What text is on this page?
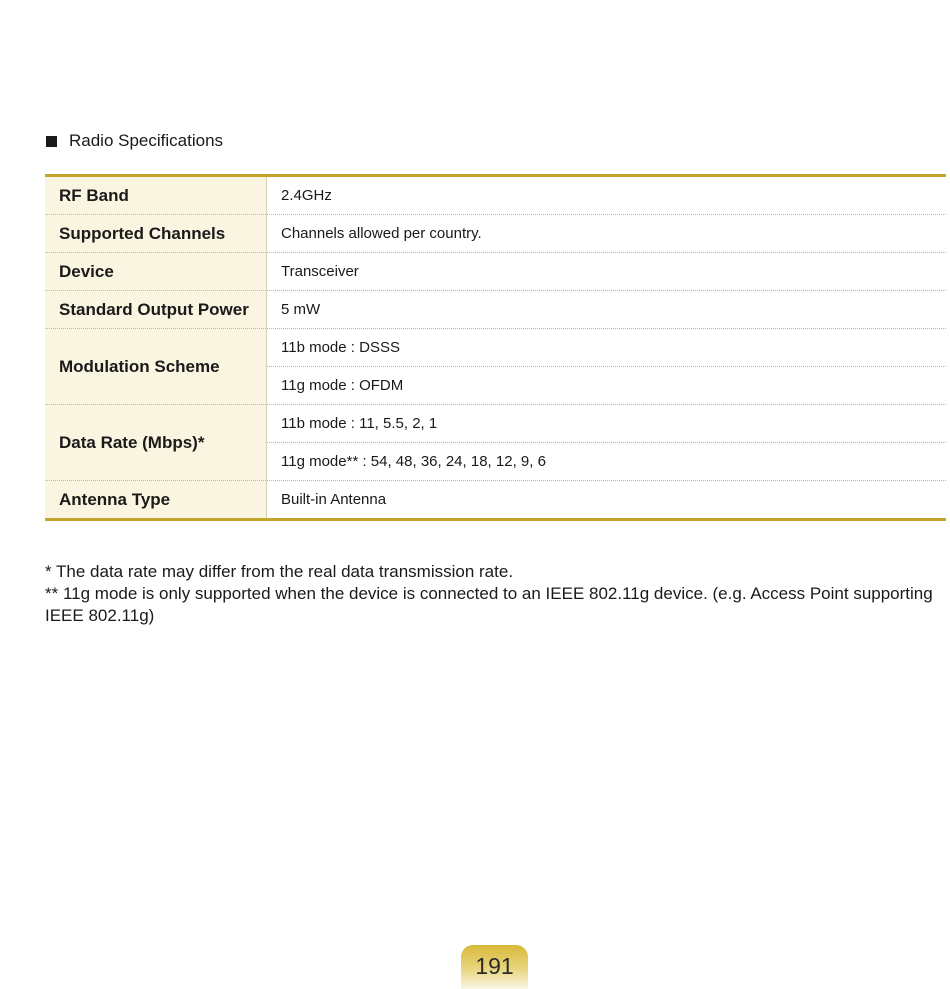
Radio Specifications
RF Band	2.4GHz
Supported Channels	Channels allowed per country.
Device	Transceiver
Standard Output Power	5 mW
Modulation Scheme	11b mode : DSSS
	11g mode : OFDM
Data Rate (Mbps)*	11b mode : 11, 5.5, 2, 1
	11g mode** : 54, 48, 36, 24, 18, 12, 9, 6
Antenna Type	Built-in Antenna

* The data rate may differ from the real data transmission rate.

** 11g mode is only supported when the device is connected to an IEEE 802.11g device. (e.g. Access Point supporting IEEE 802.11g)

191
